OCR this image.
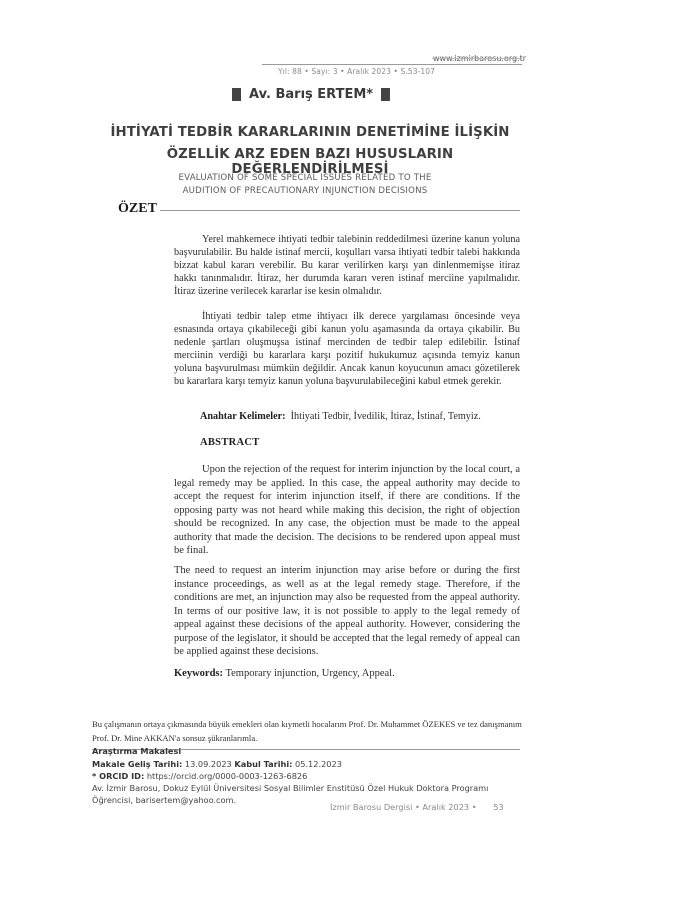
www.izmirbarosu.org.tr
Yıl: 88 • Sayı: 3 • Aralık 2023 • S.53-107
Av. Barış ERTEM*
İHTİYATİ TEDBİR KARARLARININ DENETİMİNE İLİŞKİN
ÖZELLİK ARZ EDEN BAZI HUSUSLARIN DEĞERLENDİRİLMESİ
EVALUATION OF SOME SPECIAL ISSUES RELATED TO THE
AUDITION OF PRECAUTIONARY INJUNCTION DECISIONS
ÖZET
Yerel mahkemece ihtiyati tedbir talebinin reddedilmesi üzerine kanun yoluna başvurulabilir. Bu halde istinaf mercii, koşulları varsa ihtiyati tedbir talebi hakkında bizzat kabul kararı verebilir. Bu karar verilirken karşı yan dinlenmemişse itiraz hakkı tanınmalıdır. İtiraz, her durumda kararı veren istinaf merciine yapılmalıdır. İtiraz üzerine verilecek kararlar ise kesin olmalıdır.
İhtiyati tedbir talep etme ihtiyacı ilk derece yargılaması öncesinde veya esnasında ortaya çıkabileceği gibi kanun yolu aşamasında da ortaya çıkabilir. Bu nedenle şartları oluşmuşsa istinaf mercinden de tedbir talep edilebilir. İstinaf merciinin verdiği bu kararlara karşı pozitif hukukumuz açısında temyiz kanun yoluna başvurulması mümkün değildir. Ancak kanun koyucunun amacı gözetilerek bu kararlara karşı temyiz kanun yoluna başvurulabileceğini kabul etmek gerekir.
Anahtar Kelimeler: İhtiyati Tedbir, İvedilik, İtiraz, İstinaf, Temyiz.
ABSTRACT
Upon the rejection of the request for interim injunction by the local court, a legal remedy may be applied. In this case, the appeal authority may decide to accept the request for interim injunction itself, if there are conditions. If the opposing party was not heard while making this decision, the right of objection should be recognized. In any case, the objection must be made to the appeal authority that made the decision. The decisions to be rendered upon appeal must be final.
The need to request an interim injunction may arise before or during the first instance proceedings, as well as at the legal remedy stage. Therefore, if the conditions are met, an injunction may also be requested from the appeal authority. In terms of our positive law, it is not possible to apply to the legal remedy of appeal against these decisions of the appeal authority. However, considering the purpose of the legislator, it should be accepted that the legal remedy of appeal can be applied against these decisions.
Keywords: Temporary injunction, Urgency, Appeal.
Bu çalışmanın ortaya çıkmasında büyük emekleri olan kıymetli hocalarım Prof. Dr. Muhammet ÖZEKES ve tez danışmanım Prof. Dr. Mine AKKAN'a sonsuz şükranlarımla.
Araştırma Makalesi
Makale Geliş Tarihi: 13.09.2023 Kabul Tarihi: 05.12.2023
* ORCID ID: https://orcid.org/0000-0003-1263-6826
Av. İzmir Barosu, Dokuz Eylül Üniversitesi Sosyal Bilimler Enstitüsü Özel Hukuk Doktora Programı
Öğrencisi, barisertem@yahoo.com.
İzmir Barosu Dergisi • Aralık 2023 • 53
